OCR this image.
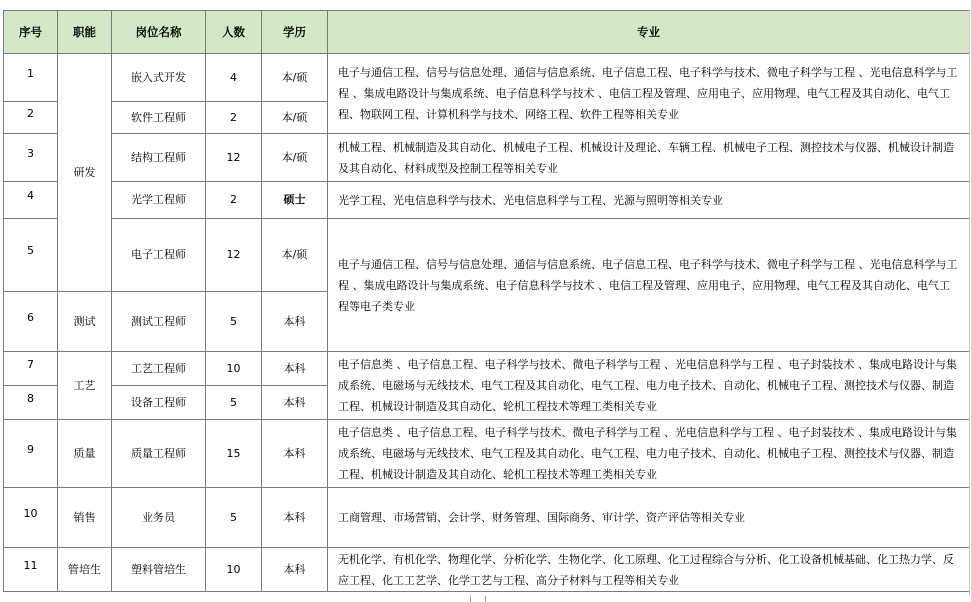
序号	职能	岗位名称	人数	学历	专业
1	研发	嵌入式开发	4	本/硕	电子与通信工程、信号与信息处理、通信与信息系统、电子信息工程、电子科学与技术、微电子科学与工程 、光电信息科学与工程 、集成电路设计与集成系统、电子信息科学与技术 、电信工程及管理、应用电子、应用物理、电气工程及其自动化、电气工程、物联网工程、计算机科学与技术、网络工程、软件工程等相关专业
2		软件工程师	2	本/硕	
3		结构工程师	12	本/硕	机械工程、机械制造及其自动化、机械电子工程、机械设计及理论、车辆工程、机械电子工程、测控技术与仪器、机械设计制造及其自动化、材料成型及控制工程等相关专业
4		光学工程师	2	硕士	光学工程、光电信息科学与技术、光电信息科学与工程、光源与照明等相关专业
5		电子工程师	12	本/硕	电子与通信工程、信号与信息处理、通信与信息系统、电子信息工程、电子科学与技术、微电子科学与工程 、光电信息科学与工程 、集成电路设计与集成系统、电子信息科学与技术 、电信工程及管理、应用电子、应用物理、电气工程及其自动化、电气工程等电子类专业
6	测试	测试工程师	5	本科	
7	工艺	工艺工程师	10	本科	电子信息类 、电子信息工程、电子科学与技术、微电子科学与工程 、光电信息科学与工程 、电子封装技术 、集成电路设计与集成系统、电磁场与无线技术、电气工程及其自动化、电气工程、电力电子技术、自动化、机械电子工程、测控技术与仪器、制造工程、机械设计制造及其自动化、轮机工程技术等理工类相关专业
8		设备工程师	5	本科	
9	质量	质量工程师	15	本科	电子信息类 、电子信息工程、电子科学与技术、微电子科学与工程 、光电信息科学与工程 、电子封装技术 、集成电路设计与集成系统、电磁场与无线技术、电气工程及其自动化、电气工程、电力电子技术、自动化、机械电子工程、测控技术与仪器、制造工程、机械设计制造及其自动化、轮机工程技术等理工类相关专业
10	销售	业务员	5	本科	工商管理、市场营销、会计学、财务管理、国际商务、审计学、资产评估等相关专业
11	管培生	塑料管培生	10	本科	无机化学、有机化学、物理化学、分析化学、生物化学、化工原理、化工过程综合与分析、化工设备机械基础、化工热力学、反应工程、化工工艺学、化学工艺与工程、高分子材料与工程等相关专业
